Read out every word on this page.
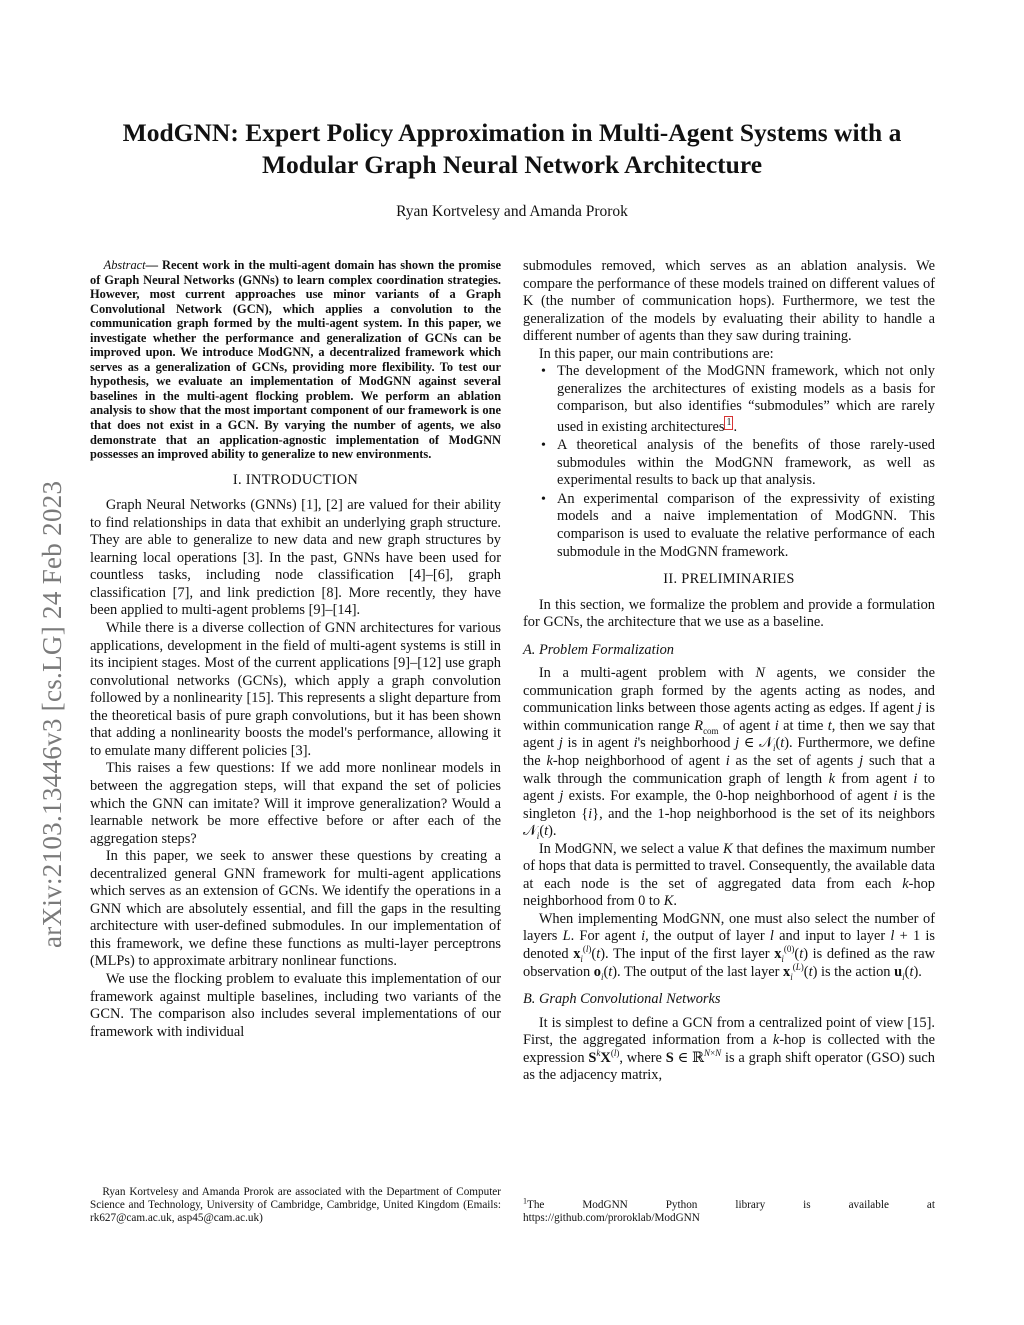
arXiv:2103.13446v3 [cs.LG] 24 Feb 2023
ModGNN: Expert Policy Approximation in Multi-Agent Systems with a
Modular Graph Neural Network Architecture
Ryan Kortvelesy and Amanda Prorok
Abstract— Recent work in the multi-agent domain has shown the promise of Graph Neural Networks (GNNs) to learn complex coordination strategies. However, most current approaches use minor variants of a Graph Convolutional Network (GCN), which applies a convolution to the communication graph formed by the multi-agent system. In this paper, we investigate whether the performance and generalization of GCNs can be improved upon. We introduce ModGNN, a decentralized framework which serves as a generalization of GCNs, providing more flexibility. To test our hypothesis, we evaluate an implementation of ModGNN against several baselines in the multi-agent flocking problem. We perform an ablation analysis to show that the most important component of our framework is one that does not exist in a GCN. By varying the number of agents, we also demonstrate that an application-agnostic implementation of ModGNN possesses an improved ability to generalize to new environments.
I. INTRODUCTION

Graph Neural Networks (GNNs) [1], [2] are valued for their ability to find relationships in data that exhibit an underlying graph structure. They are able to generalize to new data and new graph structures by learning local operations [3]. In the past, GNNs have been used for countless tasks, including node classification [4]–[6], graph classification [7], and link prediction [8]. More recently, they have been applied to multi-agent problems [9]–[14].

While there is a diverse collection of GNN architectures for various applications, development in the field of multi-agent systems is still in its incipient stages. Most of the current applications [9]–[12] use graph convolutional networks (GCNs), which apply a graph convolution followed by a nonlinearity [15]. This represents a slight departure from the theoretical basis of pure graph convolutions, but it has been shown that adding a nonlinearity boosts the model's performance, allowing it to emulate many different policies [3].

This raises a few questions: If we add more nonlinear models in between the aggregation steps, will that expand the set of policies which the GNN can imitate? Will it improve generalization? Would a learnable network be more effective before or after each of the aggregation steps?

In this paper, we seek to answer these questions by creating a decentralized general GNN framework for multi-agent applications which serves as an extension of GCNs. We identify the operations in a GNN which are absolutely essential, and fill the gaps in the resulting architecture with user-defined submodules. In our implementation of this framework, we define these functions as multi-layer perceptrons (MLPs) to approximate arbitrary nonlinear functions.

We use the flocking problem to evaluate this implementation of our framework against multiple baselines, including two variants of the GCN. The comparison also includes several implementations of our framework with individual

Ryan Kortvelesy and Amanda Prorok are associated with the Department of Computer Science and Technology, University of Cambridge, Cambridge, United Kingdom (Emails: rk627@cam.ac.uk, asp45@cam.ac.uk)

submodules removed, which serves as an ablation analysis. We compare the performance of these models trained on different values of K (the number of communication hops). Furthermore, we test the generalization of the models by evaluating their ability to handle a different number of agents than they saw during training.

In this paper, our main contributions are:

• The development of the ModGNN framework, which not only generalizes the architectures of existing models as a basis for comparison, but also identifies “submodules” which are rarely used in existing architectures 1 .
• A theoretical analysis of the benefits of those rarely-used submodules within the ModGNN framework, as well as experimental results to back up that analysis.
• An experimental comparison of the expressivity of existing models and a naive implementation of ModGNN. This comparison is used to evaluate the relative performance of each submodule in the ModGNN framework.
II. PRELIMINARIES

In this section, we formalize the problem and provide a formulation for GCNs, the architecture that we use as a baseline.

A. Problem Formalization

In a multi-agent problem with N agents, we consider the communication graph formed by the agents acting as nodes, and communication links between those agents acting as edges. If agent j is within communication range $R_{com}$ of agent i at time t, then we say that agent j is in agent i's neighborhood j ∈ 𝒩$_i$(t). Furthermore, we define the k-hop neighborhood of agent i as the set of agents j such that a walk through the communication graph of length k from agent i to agent j exists. For example, the 0-hop neighborhood of agent i is the singleton {i}, and the 1-hop neighborhood is the set of its neighbors 𝒩$_i$(t).

In ModGNN, we select a value K that defines the maximum number of hops that data is permitted to travel. Consequently, the available data at each node is the set of aggregated data from each k-hop neighborhood from 0 to K.

When implementing ModGNN, one must also select the number of layers L. For agent i, the output of layer l and input to layer l + 1 is denoted $x_i^{(l)}(t)$. The input of the first layer $x_i^{(0)}(t)$ is defined as the raw observation $o_i(t)$. The output of the last layer $x_i^{(L)}(t)$ is the action $u_i(t)$.

B. Graph Convolutional Networks

It is simplest to define a GCN from a centralized point of view [15]. First, the aggregated information from a k-hop is collected with the expression $S^kX^{(l)}$, where S ∈ ℝ$^{N\times N}$ is a graph shift operator (GSO) such as the adjacency matrix,

$^1$The	ModGNN	Python	library	is	available	at
https://github.com/proroklab/ModGNN
